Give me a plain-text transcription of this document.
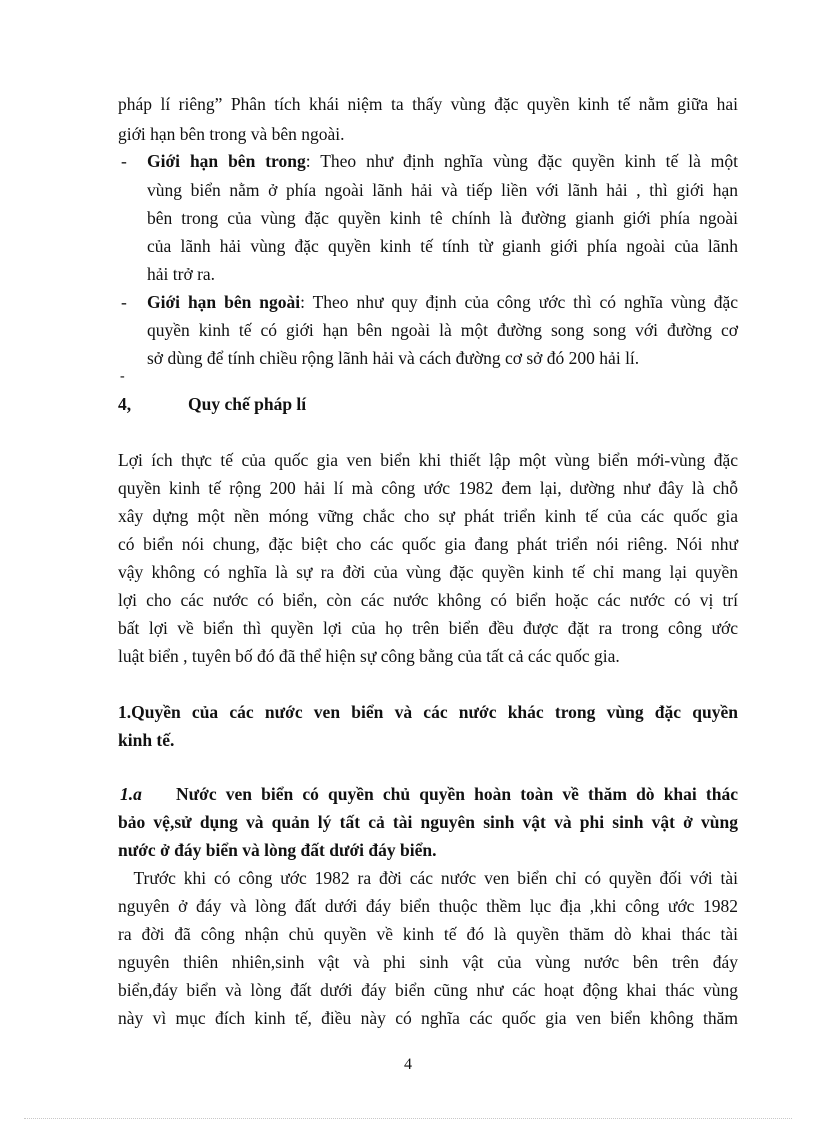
pháp lí riêng” Phân tích khái niệm ta thấy vùng đặc quyền kinh tế nằm giữa hai
giới hạn bên trong và bên ngoài.
- Giới hạn bên trong: Theo như định nghĩa vùng đặc quyền kinh tế là một
vùng biển nằm ở phía ngoài lãnh hải và tiếp liền với lãnh hải , thì giới hạn
bên trong của vùng đặc quyền kinh tê chính là đường gianh giới phía ngoài
của lãnh hải vùng đặc quyền kinh tế tính từ gianh giới phía ngoài của lãnh
hải trở ra.
- Giới hạn bên ngoài: Theo như quy định của công ước thì có nghĩa vùng đặc
quyền kinh tế có giới hạn bên ngoài là một đường song song với đường cơ
sở dùng để tính chiều rộng lãnh hải và cách đường cơ sở đó 200 hải lí.
-
4,	Quy chế pháp lí
Lợi ích thực tế của quốc gia ven biển khi thiết lập một vùng biển mới-vùng đặc
quyền kinh tế rộng 200 hải lí mà công ước 1982 đem lại, dường như đây là chỗ
xây dựng một nền móng vững chắc cho sự phát triển kinh tế của các quốc gia
có biển nói chung, đặc biệt cho các quốc gia đang phát triển nói riêng. Nói như
vậy không có nghĩa là sự ra đời của vùng đặc quyền kinh tế chỉ mang lại quyền
lợi cho các nước có biển, còn các nước không có biển hoặc các nước có vị trí
bất lợi về biển thì quyền lợi của họ trên biển đều được đặt ra trong công ước
luật biển , tuyên bố đó đã thể hiện sự công bằng của tất cả các quốc gia.
1.Quyền của các nước ven biển và các nước khác trong vùng đặc quyền
kinh tế.
1.a Nước ven biển có quyền chủ quyền hoàn toàn về thăm dò khai thác
bảo vệ,sử dụng và quản lý tất cả tài nguyên sinh vật và phi sinh vật ở vùng
nước ở đáy biển và lòng đất dưới đáy biển.
Trước khi có công ước 1982 ra đời các nước ven biển chỉ có quyền đối với tài
nguyên ở đáy và lòng đất dưới đáy biển thuộc thềm lục địa ,khi công ước 1982
ra đời đã công nhận chủ quyền về kinh tế đó là quyền thăm dò khai thác tài
nguyên thiên nhiên,sinh vật và phi sinh vật của vùng nước bên trên đáy
biển,đáy biển và lòng đất dưới đáy biển cũng như các hoạt động khai thác vùng
này vì mục đích kinh tế, điều này có nghĩa các quốc gia ven biển không thăm
4
